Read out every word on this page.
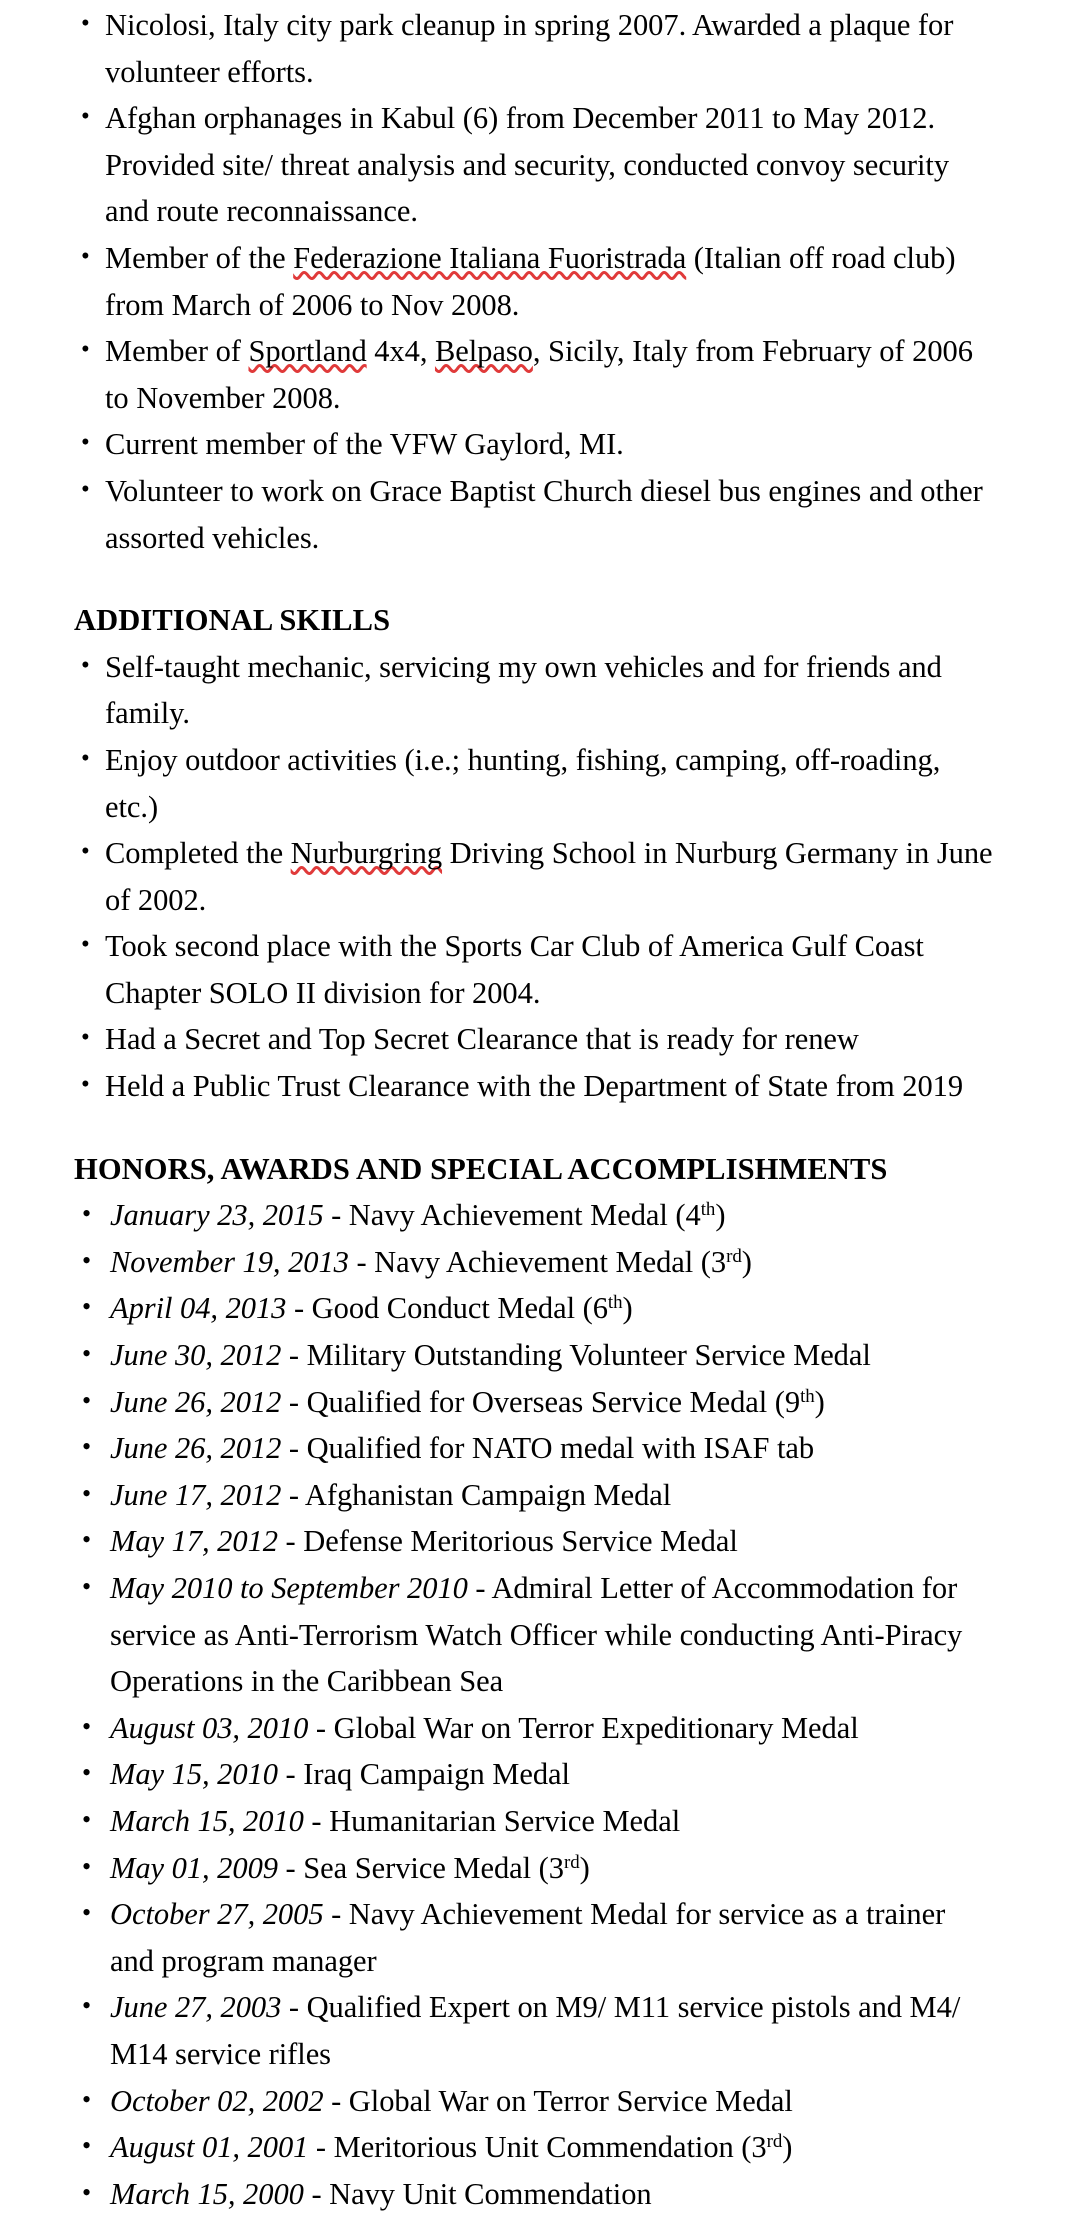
• Nicolosi, Italy city park cleanup in spring 2007. Awarded a plaque for volunteer efforts.
• Afghan orphanages in Kabul (6) from December 2011 to May 2012. Provided site/ threat analysis and security, conducted convoy security and route reconnaissance.
• Member of the Federazione Italiana Fuoristrada (Italian off road club) from March of 2006 to Nov 2008.
• Member of Sportland 4x4, Belpaso, Sicily, Italy from February of 2006 to November 2008.
• Current member of the VFW Gaylord, MI.
• Volunteer to work on Grace Baptist Church diesel bus engines and other assorted vehicles.
ADDITIONAL SKILLS
• Self-taught mechanic, servicing my own vehicles and for friends and family.
• Enjoy outdoor activities (i.e.; hunting, fishing, camping, off-roading, etc.)
• Completed the Nurburgring Driving School in Nurburg Germany in June of 2002.
• Took second place with the Sports Car Club of America Gulf Coast Chapter SOLO II division for 2004.
• Had a Secret and Top Secret Clearance that is ready for renew
• Held a Public Trust Clearance with the Department of State from 2019
HONORS, AWARDS AND SPECIAL ACCOMPLISHMENTS
• January 23, 2015 - Navy Achievement Medal (4th)
• November 19, 2013 - Navy Achievement Medal (3rd)
• April 04, 2013 - Good Conduct Medal (6th)
• June 30, 2012 - Military Outstanding Volunteer Service Medal
• June 26, 2012 - Qualified for Overseas Service Medal (9th)
• June 26, 2012 - Qualified for NATO medal with ISAF tab
• June 17, 2012 - Afghanistan Campaign Medal
• May 17, 2012 - Defense Meritorious Service Medal
• May 2010 to September 2010 - Admiral Letter of Accommodation for service as Anti-Terrorism Watch Officer while conducting Anti-Piracy Operations in the Caribbean Sea
• August 03, 2010 - Global War on Terror Expeditionary Medal
• May 15, 2010 - Iraq Campaign Medal
• March 15, 2010 - Humanitarian Service Medal
• May 01, 2009 - Sea Service Medal (3rd)
• October 27, 2005 - Navy Achievement Medal for service as a trainer and program manager
• June 27, 2003 - Qualified Expert on M9/ M11 service pistols and M4/ M14 service rifles
• October 02, 2002 - Global War on Terror Service Medal
• August 01, 2001 - Meritorious Unit Commendation (3rd)
• March 15, 2000 - Navy Unit Commendation
